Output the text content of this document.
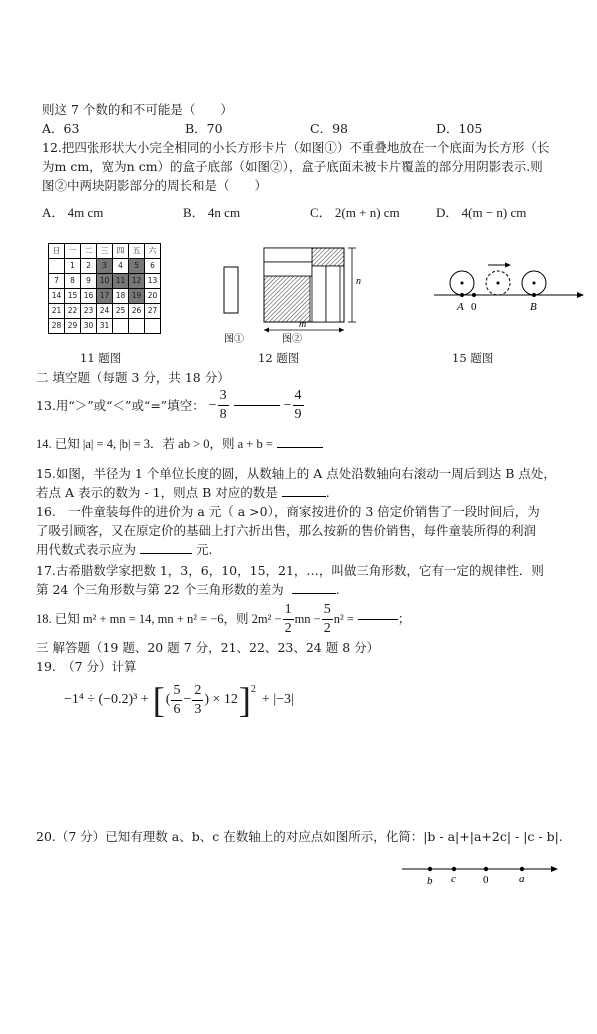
则这 7 个数的和不可能是（　　）
A．63	B．70	C．98	D．105
12.把四张形状大小完全相同的小长方形卡片（如图①）不重叠地放在一个底面为长方形（长
为m cm，宽为n cm）的盒子底部（如图②），盒子底面未被卡片覆盖的部分用阴影表示.则
图②中两块阴影部分的周长和是（　　）
A． 4m cm	B． 4n cm	C． 2(m + n) cm	D． 4(m − n) cm
日	一	二	三	四	五	六
	1	2	3	4	5	6
7	8	9	10	11	12	13
14	15	16	17	18	19	20
21	22	23	24	25	26	27
28	29	30	31			
n
m
图①	图②
A 0	B
11 题图	12 题图	15 题图
二 填空题（每题 3 分，共 18 分）
13.用“＞”或“＜”或“=”填空： − $\frac{3}{8}$	− $\frac{4}{9}$
14. 已知 |a| = 4, |b| = 3．若 ab > 0，则 a + b =
15.如图，半径为 1 个单位长度的圆，从数轴上的 A 点处沿数轴向右滚动一周后到达 B 点处，
若点 A 表示的数为 - 1，则点 B 对应的数是	.
16.　一件童装每件的进价为 a 元（ a >0），商家按进价的 3 倍定价销售了一段时间后，为
了吸引顾客，又在原定价的基础上打六折出售，那么按新的售价销售，每件童装所得的利润
用代数式表示应为	元.
17.古希腊数学家把数 1，3，6，10，15，21，…，叫做三角形数，它有一定的规律性．则
第 24 个三角形数与第 22 个三角形数的差为	.
18. 已知 m² + mn = 14, mn + n² = −6，则 $2m^2 - \frac{1}{2}$ mn − $\frac{5}{2} n^2$ =	；
三 解答题（19 题、20 题 7 分，21、22、23、24 题 8 分）
19.　（7 分）计算
−1⁴ ÷ (−0.2)³ + [ ( $\frac{5}{6} - \frac{2}{3}$ ) × 12 ] 2
+ |−3|
20.（7 分）已知有理数 a、b、c 在数轴上的对应点如图所示，化简：|b - a|+|a+2c| - |c - b|.
b c 0	a
